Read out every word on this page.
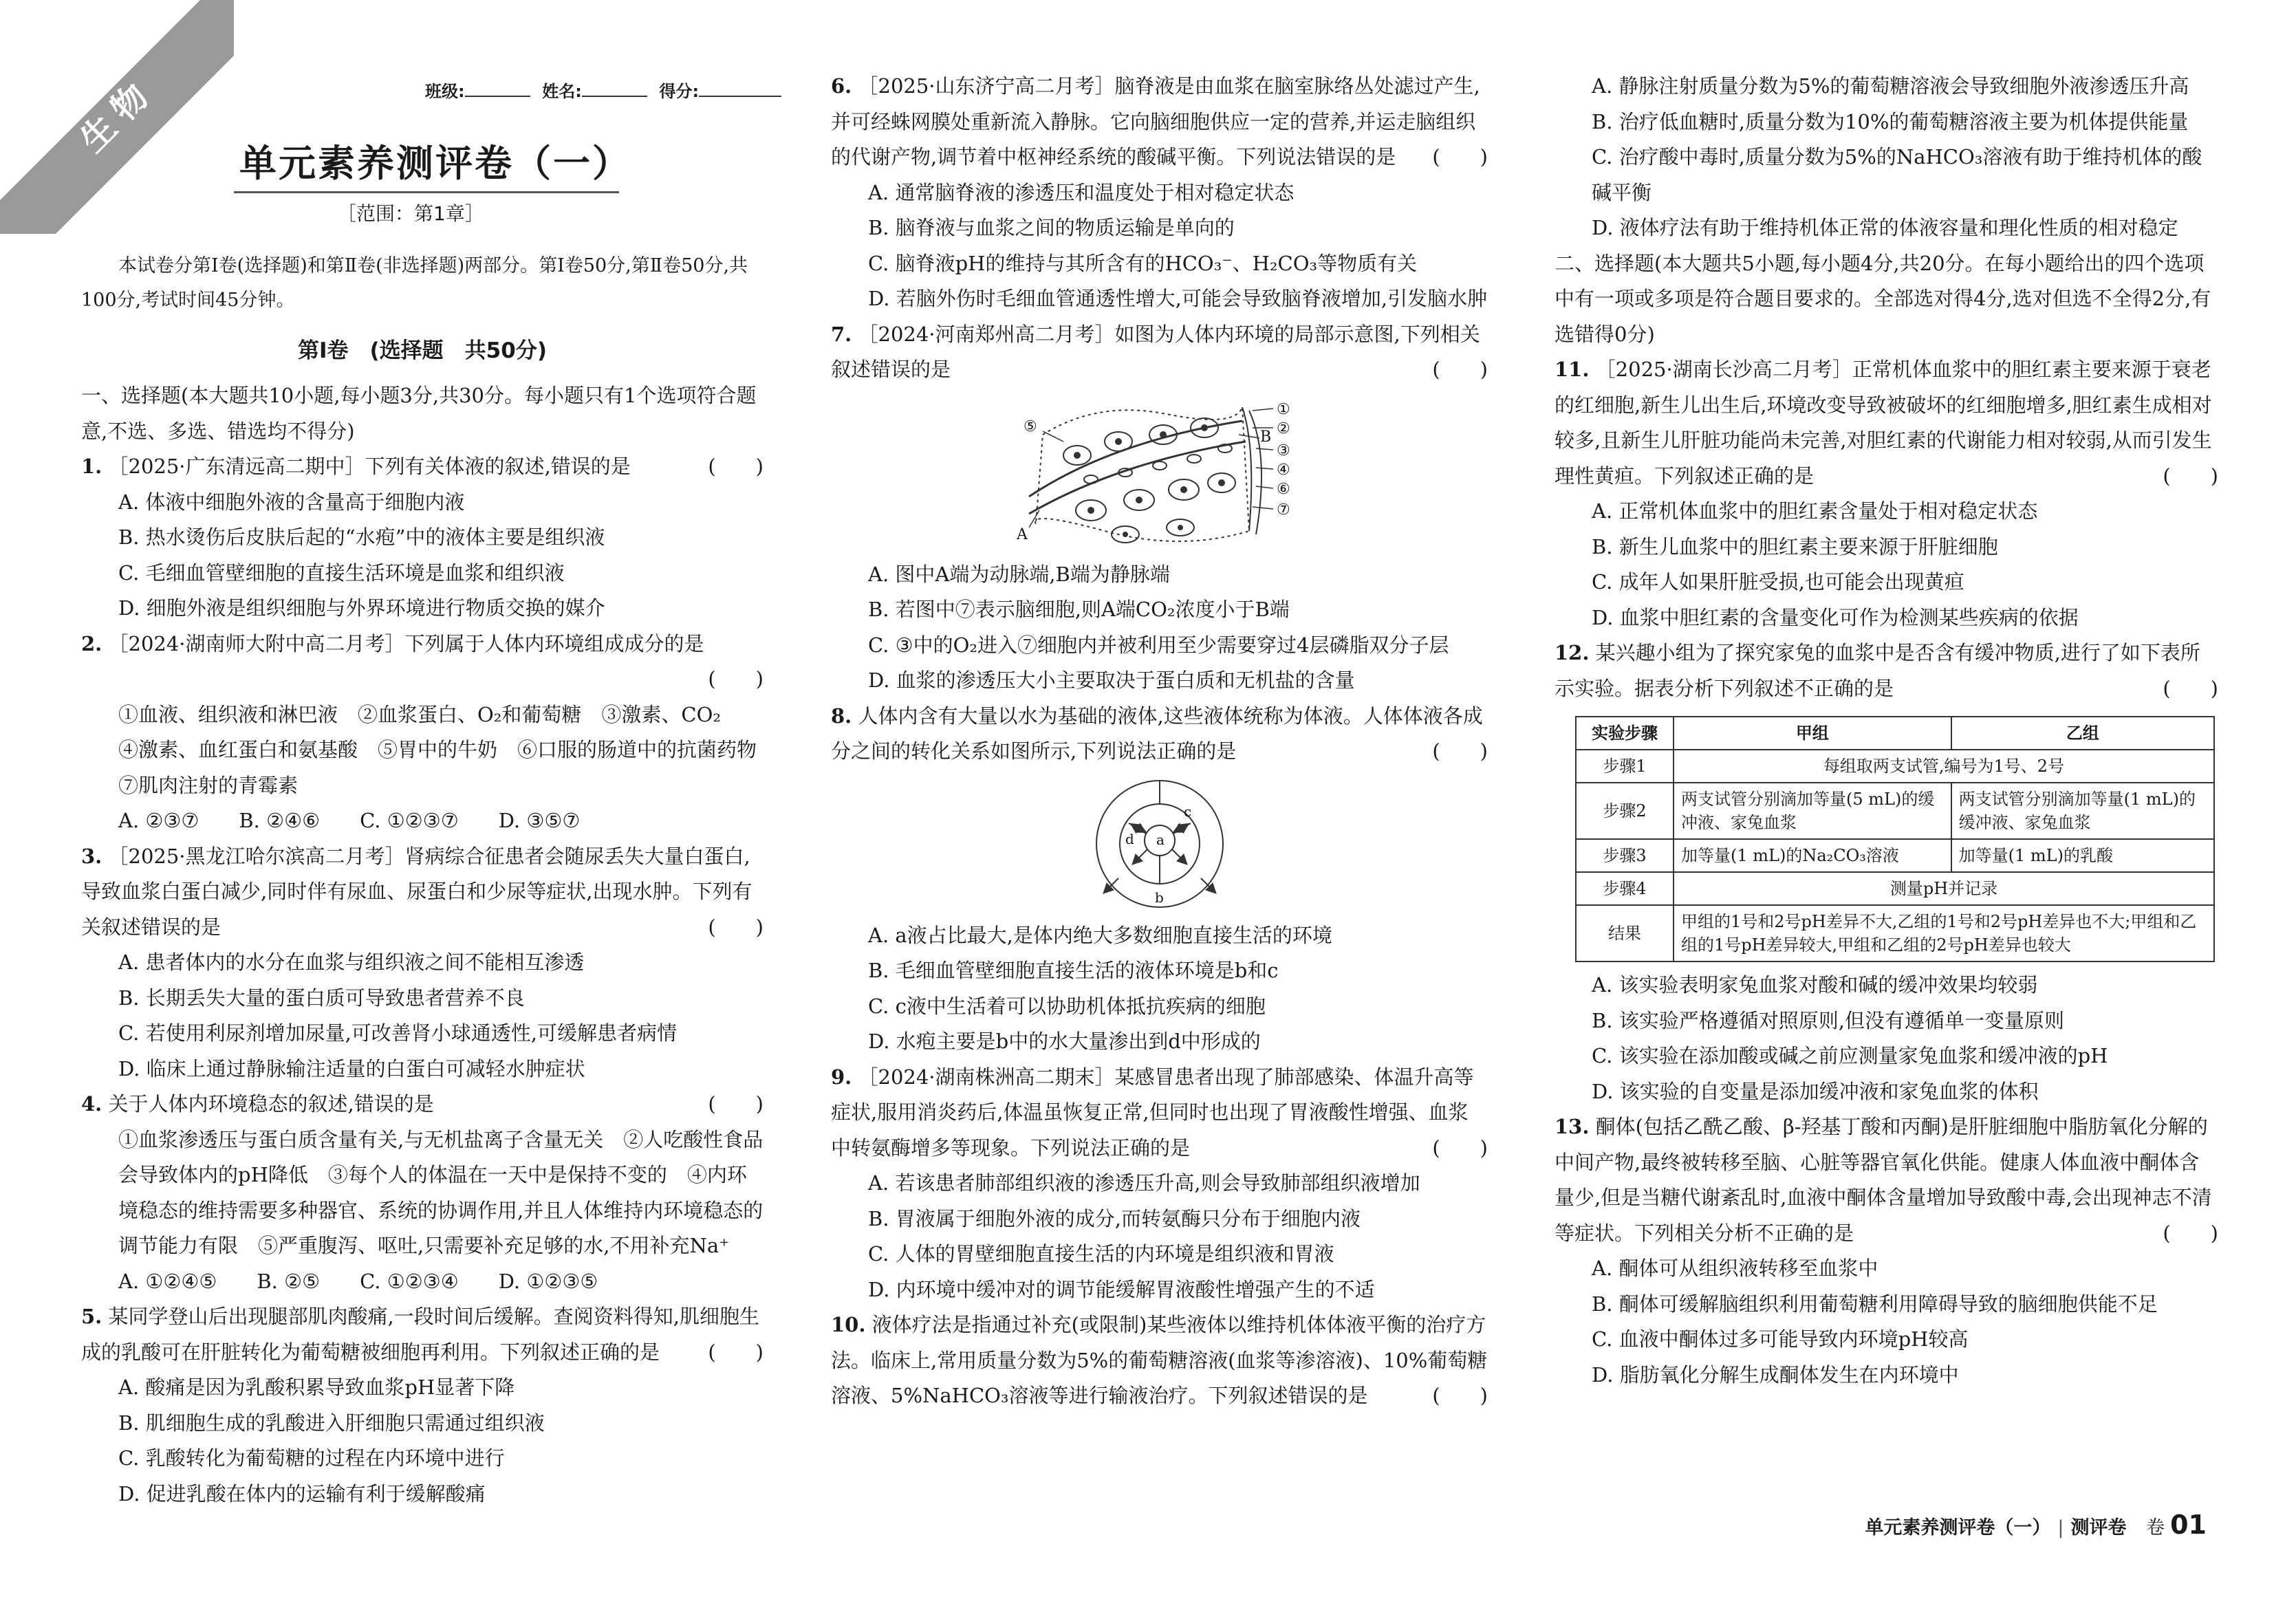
生物	班级:	姓名:	得分:
单元素养测评卷（一）
［范围：第1章］
本试卷分第Ⅰ卷(选择题)和第Ⅱ卷(非选择题)两部分。第Ⅰ卷50分,第Ⅱ卷50分,共100分,考试时间45分钟。
第Ⅰ卷　(选择题　共50分)

一、选择题(本大题共10小题,每小题3分,共30分。每小题只有1个选项符合题意,不选、多选、错选均不得分)

1. ［2025·广东清远高二期中］下列有关体液的叙述,错误的是	(　　)

A. 体液中细胞外液的含量高于细胞内液

B. 热水烫伤后皮肤后起的“水疱”中的液体主要是组织液

C. 毛细血管壁细胞的直接生活环境是血浆和组织液

D. 细胞外液是组织细胞与外界环境进行物质交换的媒介

2. ［2024·湖南师大附中高二月考］下列属于人体内环境组成成分的是

(　　)

①血液、组织液和淋巴液　②血浆蛋白、O₂和葡萄糖　③激素、CO₂

④激素、血红蛋白和氨基酸　⑤胃中的牛奶　⑥口服的肠道中的抗菌药物　⑦肌肉注射的青霉素

A. ②③⑦　　B. ②④⑥　　C. ①②③⑦　　D. ③⑤⑦

3. ［2025·黑龙江哈尔滨高二月考］肾病综合征患者会随尿丢失大量白蛋白,导致血浆白蛋白减少,同时伴有尿血、尿蛋白和少尿等症状,出现水肿。下列有关叙述错误的是	(　　)

A. 患者体内的水分在血浆与组织液之间不能相互渗透

B. 长期丢失大量的蛋白质可导致患者营养不良

C. 若使用利尿剂增加尿量,可改善肾小球通透性,可缓解患者病情

D. 临床上通过静脉输注适量的白蛋白可减轻水肿症状

4. 关于人体内环境稳态的叙述,错误的是	(　　)

①血浆渗透压与蛋白质含量有关,与无机盐离子含量无关　②人吃酸性食品会导致体内的pH降低　③每个人的体温在一天中是保持不变的　④内环境稳态的维持需要多种器官、系统的协调作用,并且人体维持内环境稳态的调节能力有限　⑤严重腹泻、呕吐,只需要补充足够的水,不用补充Na⁺

A. ①②④⑤　　B. ②⑤　　C. ①②③④　　D. ①②③⑤

5. 某同学登山后出现腿部肌肉酸痛,一段时间后缓解。查阅资料得知,肌细胞生成的乳酸可在肝脏转化为葡萄糖被细胞再利用。下列叙述正确的是 (　　)

A. 酸痛是因为乳酸积累导致血浆pH显著下降

B. 肌细胞生成的乳酸进入肝细胞只需通过组织液

C. 乳酸转化为葡萄糖的过程在内环境中进行

D. 促进乳酸在体内的运输有利于缓解酸痛

6. ［2025·山东济宁高二月考］脑脊液是由血浆在脑室脉络丛处滤过产生,并可经蛛网膜处重新流入静脉。它向脑细胞供应一定的营养,并运走脑组织的代谢产物,调节着中枢神经系统的酸碱平衡。下列说法错误的是 (　　)

A. 通常脑脊液的渗透压和温度处于相对稳定状态

B. 脑脊液与血浆之间的物质运输是单向的

C. 脑脊液pH的维持与其所含有的HCO₃⁻、H₂CO₃等物质有关

D. 若脑外伤时毛细血管通透性增大,可能会导致脑脊液增加,引发脑水肿

7. ［2024·河南郑州高二月考］如图为人体内环境的局部示意图,下列相关叙述错误的是	(　　)

①
②
③
④
⑤
⑥
⑦
A
B

A. 图中A端为动脉端,B端为静脉端

B. 若图中⑦表示脑细胞,则A端CO₂浓度小于B端

C. ③中的O₂进入⑦细胞内并被利用至少需要穿过4层磷脂双分子层

D. 血浆的渗透压大小主要取决于蛋白质和无机盐的含量

8. 人体内含有大量以水为基础的液体,这些液体统称为体液。人体体液各成分之间的转化关系如图所示,下列说法正确的是	(　　)

a
b
c
d

A. a液占比最大,是体内绝大多数细胞直接生活的环境

B. 毛细血管壁细胞直接生活的液体环境是b和c

C. c液中生活着可以协助机体抵抗疾病的细胞

D. 水疱主要是b中的水大量渗出到d中形成的

9. ［2024·湖南株洲高二期末］某感冒患者出现了肺部感染、体温升高等症状,服用消炎药后,体温虽恢复正常,但同时也出现了胃液酸性增强、血浆中转氨酶增多等现象。下列说法正确的是	(　　)

A. 若该患者肺部组织液的渗透压升高,则会导致肺部组织液增加

B. 胃液属于细胞外液的成分,而转氨酶只分布于细胞内液

C. 人体的胃壁细胞直接生活的内环境是组织液和胃液

D. 内环境中缓冲对的调节能缓解胃液酸性增强产生的不适

10. 液体疗法是指通过补充(或限制)某些液体以维持机体体液平衡的治疗方法。临床上,常用质量分数为5%的葡萄糖溶液(血浆等渗溶液)、10%葡萄糖溶液、5%NaHCO₃溶液等进行输液治疗。下列叙述错误的是	(　　)

A. 静脉注射质量分数为5%的葡萄糖溶液会导致细胞外液渗透压升高

B. 治疗低血糖时,质量分数为10%的葡萄糖溶液主要为机体提供能量

C. 治疗酸中毒时,质量分数为5%的NaHCO₃溶液有助于维持机体的酸碱平衡

D. 液体疗法有助于维持机体正常的体液容量和理化性质的相对稳定

二、选择题(本大题共5小题,每小题4分,共20分。在每小题给出的四个选项中有一项或多项是符合题目要求的。全部选对得4分,选对但选不全得2分,有选错得0分)

11. ［2025·湖南长沙高二月考］正常机体血浆中的胆红素主要来源于衰老的红细胞,新生儿出生后,环境改变导致被破坏的红细胞增多,胆红素生成相对较多,且新生儿肝脏功能尚未完善,对胆红素的代谢能力相对较弱,从而引发生理性黄疸。下列叙述正确的是	(　　)

A. 正常机体血浆中的胆红素含量处于相对稳定状态

B. 新生儿血浆中的胆红素主要来源于肝脏细胞

C. 成年人如果肝脏受损,也可能会出现黄疸

D. 血浆中胆红素的含量变化可作为检测某些疾病的依据

12. 某兴趣小组为了探究家兔的血浆中是否含有缓冲物质,进行了如下表所示实验。据表分析下列叙述不正确的是	(　　)

实验步骤	甲组	乙组
步骤1	每组取两支试管,编号为1号、2号	
步骤2	两支试管分别滴加等量(5 mL)的缓冲液、家兔血浆	两支试管分别滴加等量(1 mL)的缓冲液、家兔血浆
步骤3	加等量(1 mL)的Na₂CO₃溶液	加等量(1 mL)的乳酸
步骤4	测量pH并记录	
结果	甲组的1号和2号pH差异不大,乙组的1号和2号pH差异也不大;甲组和乙组的1号pH差异较大,甲组和乙组的2号pH差异也较大	

A. 该实验表明家兔血浆对酸和碱的缓冲效果均较弱

B. 该实验严格遵循对照原则,但没有遵循单一变量原则

C. 该实验在添加酸或碱之前应测量家兔血浆和缓冲液的pH

D. 该实验的自变量是添加缓冲液和家兔血浆的体积

13. 酮体(包括乙酰乙酸、β-羟基丁酸和丙酮)是肝脏细胞中脂肪氧化分解的中间产物,最终被转移至脑、心脏等器官氧化供能。健康人体血液中酮体含量少,但是当糖代谢紊乱时,血液中酮体含量增加导致酸中毒,会出现神志不清等症状。下列相关分析不正确的是	(　　)

A. 酮体可从组织液转移至血浆中

B. 酮体可缓解脑组织利用葡萄糖利用障碍导致的脑细胞供能不足

C. 血液中酮体过多可能导致内环境pH较高

D. 脂肪氧化分解生成酮体发生在内环境中

单元素养测评卷（一） | 测评卷 卷 01
